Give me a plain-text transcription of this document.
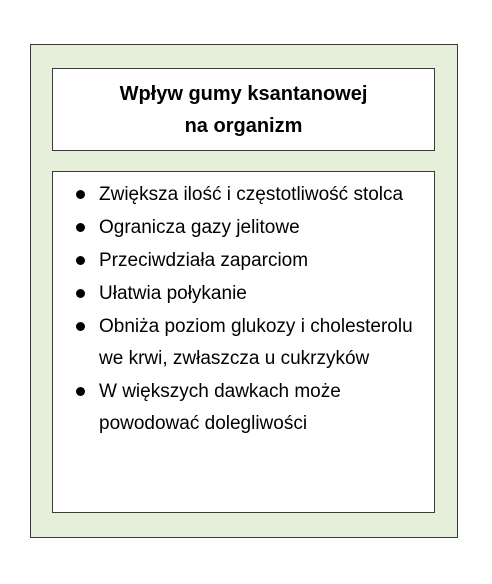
Wpływ gumy ksantanowej
na organizm
Zwiększa ilość i częstotliwość stolca
Ogranicza gazy jelitowe
Przeciwdziała zaparciom
Ułatwia połykanie
Obniża poziom glukozy i cholesterolu we krwi, zwłaszcza u cukrzyków
W większych dawkach może powodować dolegliwości
